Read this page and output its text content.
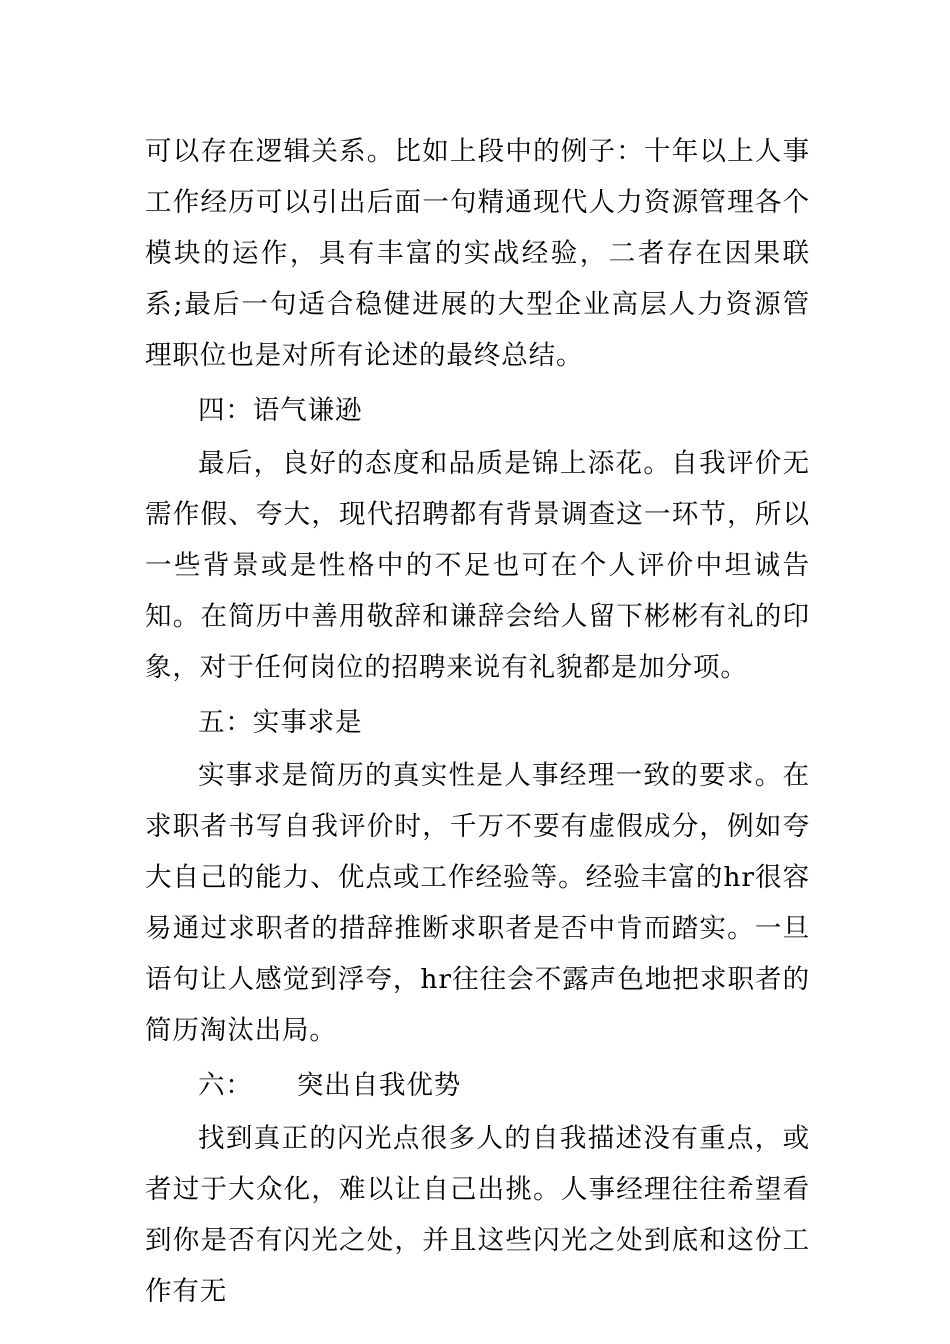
可以存在逻辑关系。比如上段中的例子：十年以上人事工作经历可以引出后面一句精通现代人力资源管理各个模块的运作，具有丰富的实战经验，二者存在因果联系;最后一句适合稳健进展的大型企业高层人力资源管理职位也是对所有论述的最终总结。

四：语气谦逊

最后，良好的态度和品质是锦上添花。自我评价无需作假、夸大，现代招聘都有背景调查这一环节，所以一些背景或是性格中的不足也可在个人评价中坦诚告知。在简历中善用敬辞和谦辞会给人留下彬彬有礼的印象，对于任何岗位的招聘来说有礼貌都是加分项。

五：实事求是

实事求是简历的真实性是人事经理一致的要求。在求职者书写自我评价时，千万不要有虚假成分，例如夸大自己的能力、优点或工作经验等。经验丰富的hr很容易通过求职者的措辞推断求职者是否中肯而踏实。一旦语句让人感觉到浮夸，hr往往会不露声色地把求职者的简历淘汰出局。

六： 突出自我优势

找到真正的闪光点很多人的自我描述没有重点，或者过于大众化，难以让自己出挑。人事经理往往希望看到你是否有闪光之处，并且这些闪光之处到底和这份工作有无
